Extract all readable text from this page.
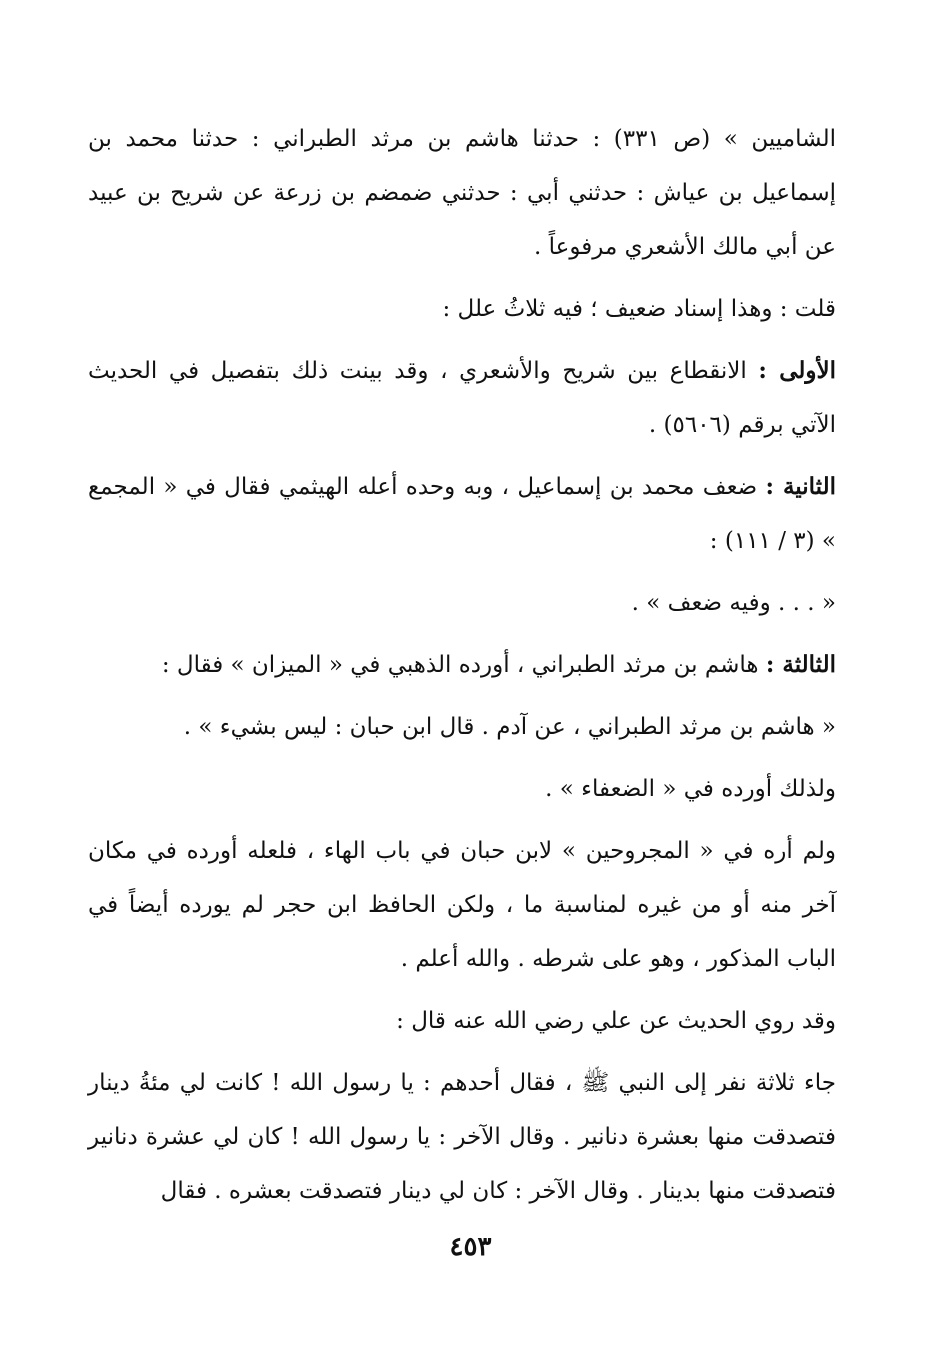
الشاميين » (ص ٣٣١) : حدثنا هاشم بن مرثد الطبراني : حدثنا محمد بن إسماعيل بن عياش : حدثني أبي : حدثني ضمضم بن زرعة عن شريح بن عبيد عن أبي مالك الأشعري مرفوعاً .

قلت : وهذا إسناد ضعيف ؛ فيه ثلاثُ علل :

الأولى : الانقطاع بين شريح والأشعري ، وقد بينت ذلك بتفصيل في الحديث الآتي برقم (٥٦٠٦) .

الثانية : ضعف محمد بن إسماعيل ، وبه وحده أعله الهيثمي فقال في « المجمع » (٣ / ١١١) :

« . . . وفيه ضعف » .

الثالثة : هاشم بن مرثد الطبراني ، أورده الذهبي في « الميزان » فقال :

« هاشم بن مرثد الطبراني ، عن آدم . قال ابن حبان : ليس بشيء » .

ولذلك أورده في « الضعفاء » .

ولم أره في « المجروحين » لابن حبان في باب الهاء ، فلعله أورده في مكان آخر منه أو من غيره لمناسبة ما ، ولكن الحافظ ابن حجر لم يورده أيضاً في الباب المذكور ، وهو على شرطه . والله أعلم .

وقد روي الحديث عن علي رضي الله عنه قال :

جاء ثلاثة نفر إلى النبي ﷺ ، فقال أحدهم : يا رسول الله ! كانت لي مئةُ دينار فتصدقت منها بعشرة دنانير . وقال الآخر : يا رسول الله ! كان لي عشرة دنانير فتصدقت منها بدينار . وقال الآخر : كان لي دينار فتصدقت بعشره . فقال

٤٥٣
